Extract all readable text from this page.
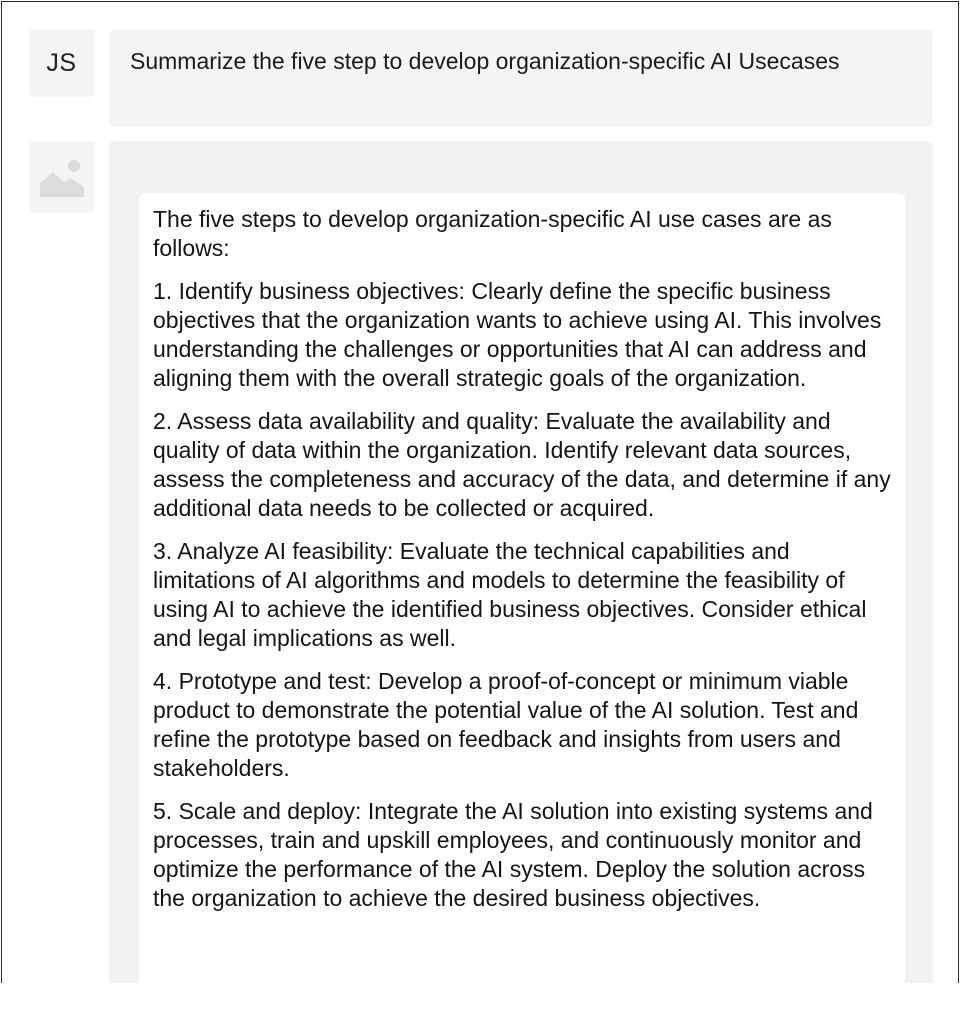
JS	Summarize the five step to develop organization-specific AI Usecases

The five steps to develop organization-specific AI use cases are as follows:

1. Identify business objectives: Clearly define the specific business objectives that the organization wants to achieve using AI. This involves understanding the challenges or opportunities that AI can address and aligning them with the overall strategic goals of the organization.

2. Assess data availability and quality: Evaluate the availability and quality of data within the organization. Identify relevant data sources, assess the completeness and accuracy of the data, and determine if any additional data needs to be collected or acquired.

3. Analyze AI feasibility: Evaluate the technical capabilities and limitations of AI algorithms and models to determine the feasibility of using AI to achieve the identified business objectives. Consider ethical and legal implications as well.

4. Prototype and test: Develop a proof-of-concept or minimum viable product to demonstrate the potential value of the AI solution. Test and refine the prototype based on feedback and insights from users and stakeholders.

5. Scale and deploy: Integrate the AI solution into existing systems and processes, train and upskill employees, and continuously monitor and optimize the performance of the AI system. Deploy the solution across the organization to achieve the desired business objectives.
